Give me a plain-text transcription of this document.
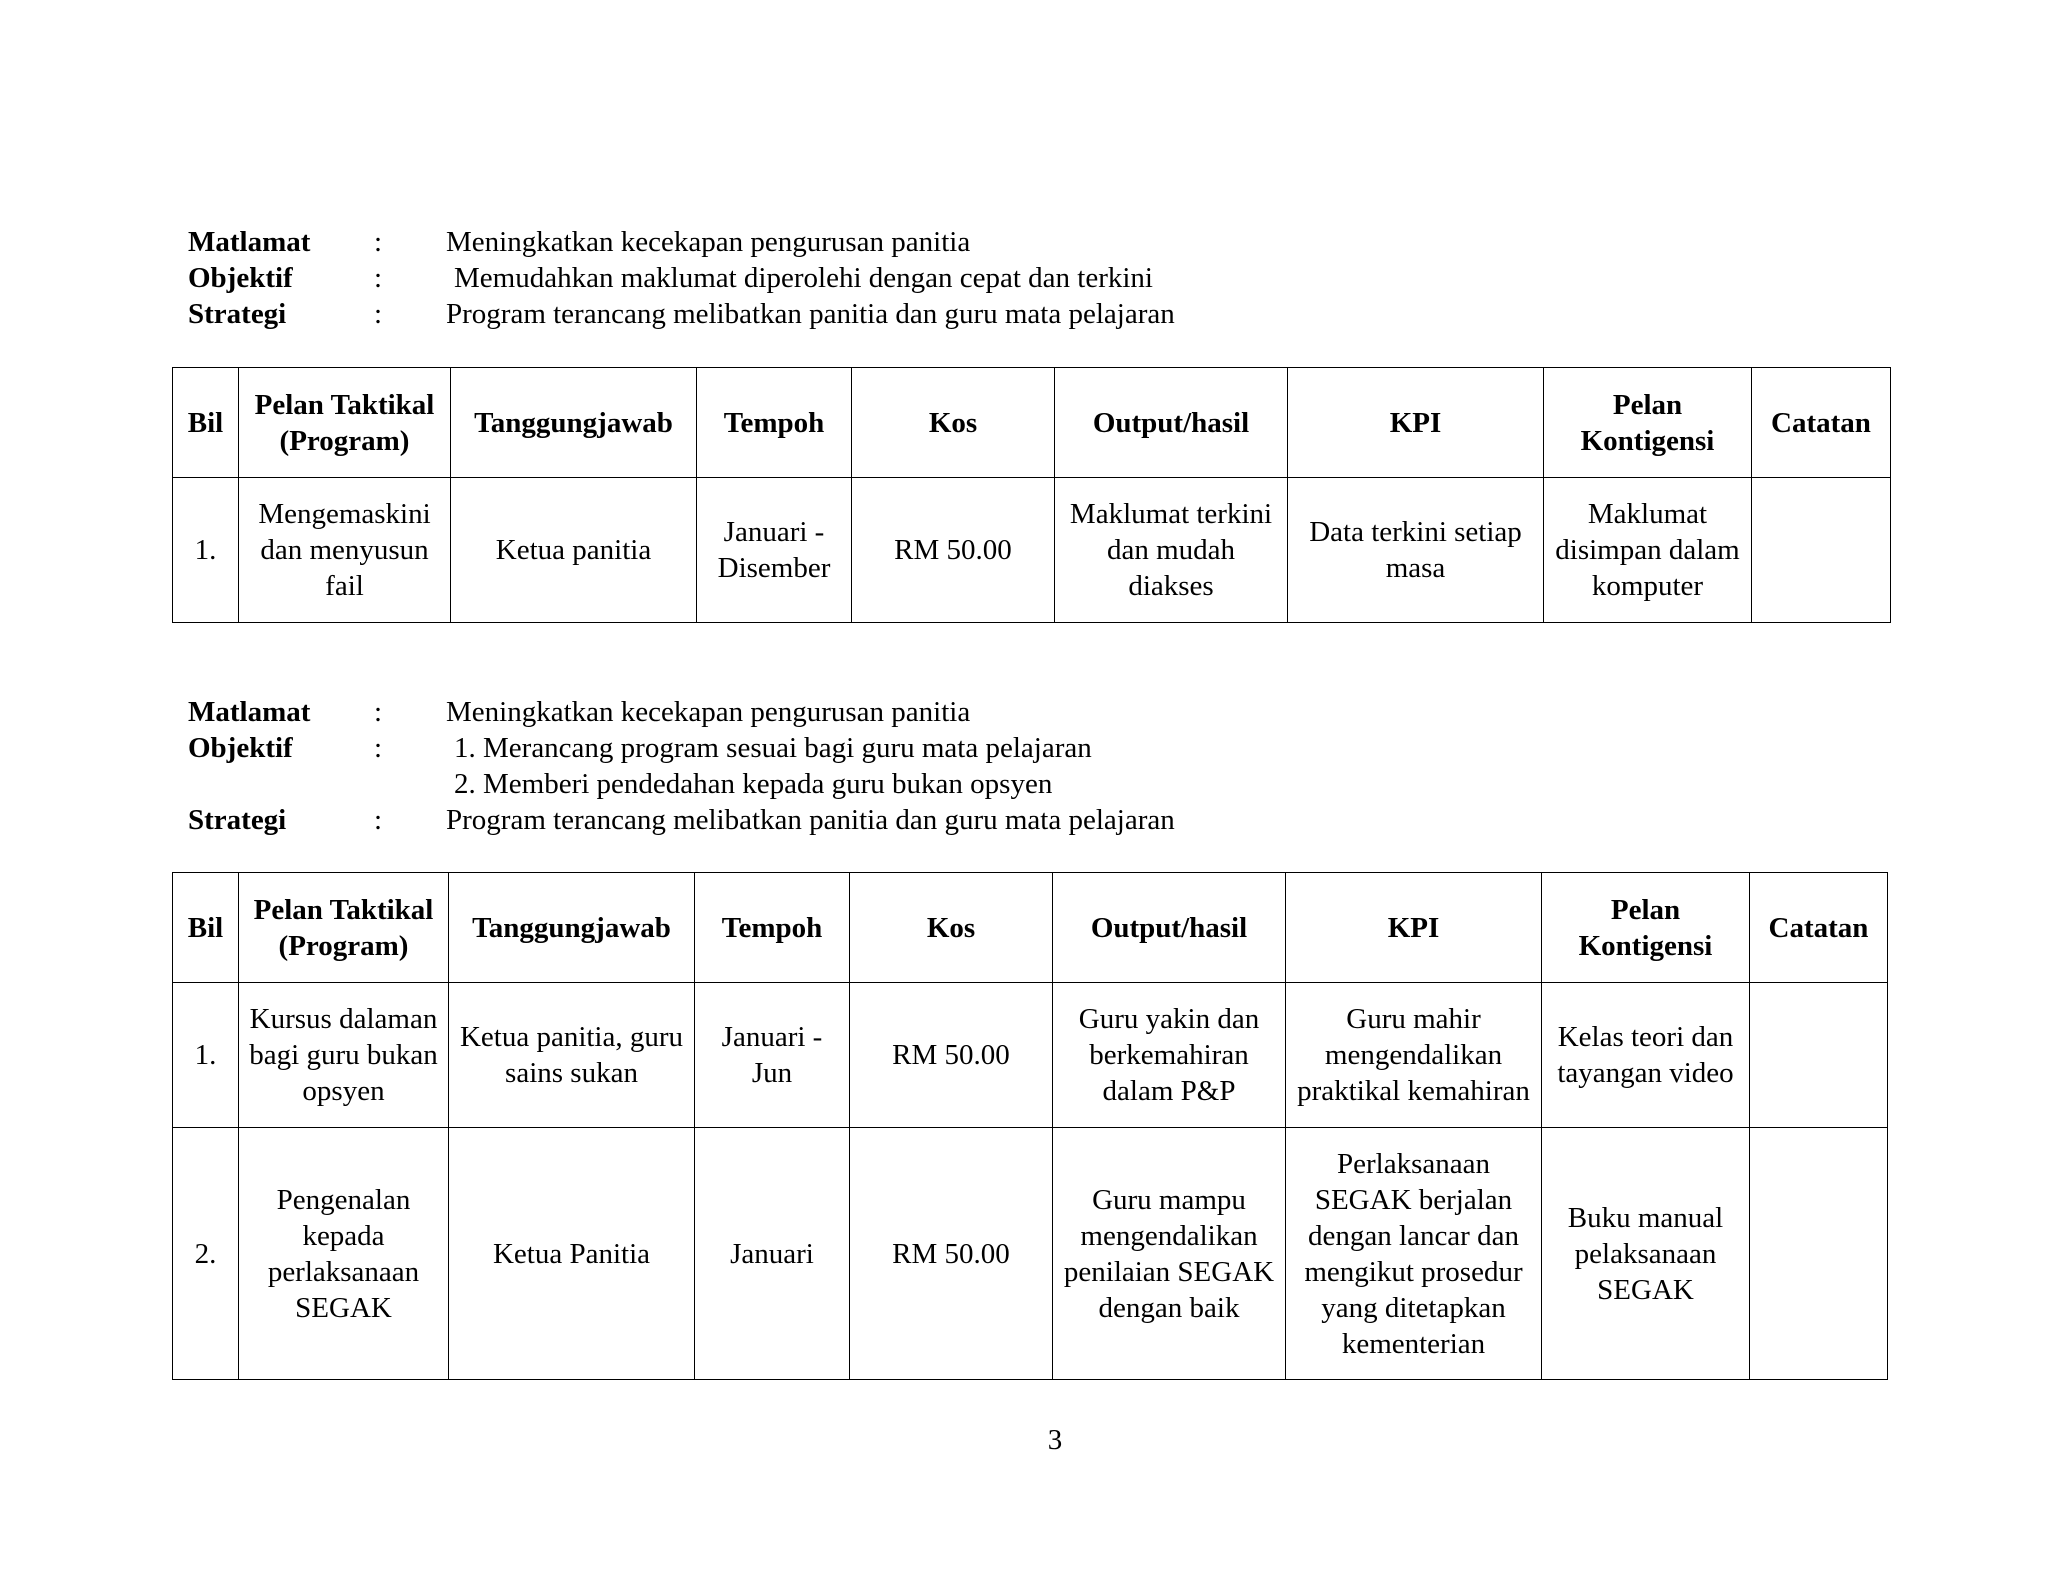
Matlamat : Meningkatkan kecekapan pengurusan panitia
Objektif	: Memudahkan maklumat diperolehi dengan cepat dan terkini
Strategi	: Program terancang melibatkan panitia dan guru mata pelajaran
Bil	Pelan Taktikal (Program)	Tanggungjawab	Tempoh	Kos	Output/hasil	KPI	Pelan Kontigensi	Catatan
1.	Mengemaskini dan menyusun fail	Ketua panitia	Januari - Disember	RM 50.00	Maklumat terkini dan mudah diakses	Data terkini setiap masa	Maklumat disimpan dalam komputer	
Matlamat : Meningkatkan kecekapan pengurusan panitia
Objektif	: 1. Merancang program sesuai bagi guru mata pelajaran
2. Memberi pendedahan kepada guru bukan opsyen
Strategi	: Program terancang melibatkan panitia dan guru mata pelajaran
Bil	Pelan Taktikal (Program)	Tanggungjawab	Tempoh	Kos	Output/hasil	KPI	Pelan Kontigensi	Catatan
1.	Kursus dalaman bagi guru bukan opsyen	Ketua panitia, guru sains sukan	Januari - Jun	RM 50.00	Guru yakin dan berkemahiran dalam P&P	Guru mahir mengendalikan praktikal kemahiran	Kelas teori dan tayangan video	
2.	Pengenalan kepada perlaksanaan SEGAK	Ketua Panitia	Januari	RM 50.00	Guru mampu mengendalikan penilaian SEGAK dengan baik	Perlaksanaan SEGAK berjalan dengan lancar dan mengikut prosedur yang ditetapkan kementerian	Buku manual pelaksanaan SEGAK	
3
